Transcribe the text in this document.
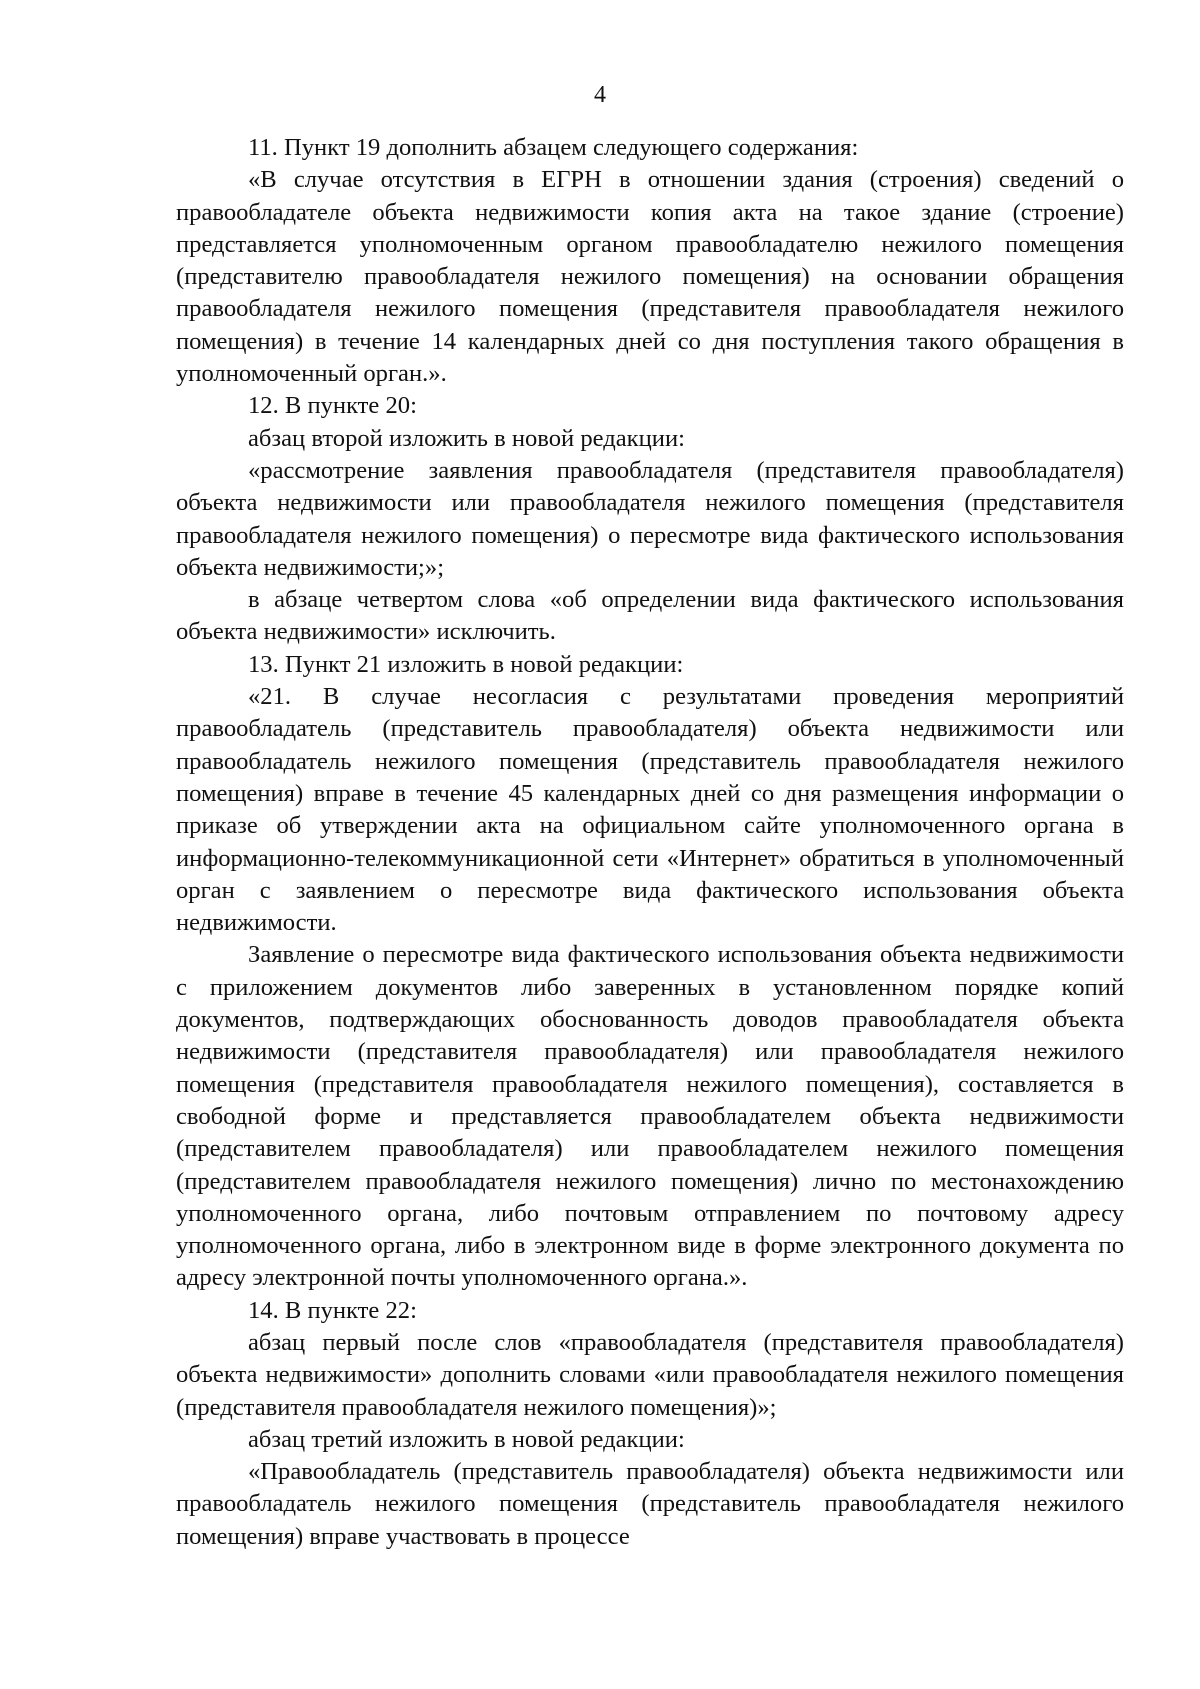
4

11. Пункт 19 дополнить абзацем следующего содержания:

«В случае отсутствия в ЕГРН в отношении здания (строения) сведений о правообладателе объекта недвижимости копия акта на такое здание (строение) представляется уполномоченным органом правообладателю нежилого помещения (представителю правообладателя нежилого помещения) на основании обращения правообладателя нежилого помещения (представителя правообладателя нежилого помещения) в течение 14 календарных дней со дня поступления такого обращения в уполномоченный орган.».

12. В пункте 20:

абзац второй изложить в новой редакции:

«рассмотрение заявления правообладателя (представителя правообладателя) объекта недвижимости или правообладателя нежилого помещения (представителя правообладателя нежилого помещения) о пересмотре вида фактического использования объекта недвижимости;»;

в абзаце четвертом слова «об определении вида фактического использования объекта недвижимости» исключить.

13. Пункт 21 изложить в новой редакции:

«21. В случае несогласия с результатами проведения мероприятий правообладатель (представитель правообладателя) объекта недвижимости или правообладатель нежилого помещения (представитель правообладателя нежилого помещения) вправе в течение 45 календарных дней со дня размещения информации о приказе об утверждении акта на официальном сайте уполномоченного органа в информационно-телекоммуникационной сети «Интернет» обратиться в уполномоченный орган с заявлением о пересмотре вида фактического использования объекта недвижимости.

Заявление о пересмотре вида фактического использования объекта недвижимости с приложением документов либо заверенных в установленном порядке копий документов, подтверждающих обоснованность доводов правообладателя объекта недвижимости (представителя правообладателя) или правообладателя нежилого помещения (представителя правообладателя нежилого помещения), составляется в свободной форме и представляется правообладателем объекта недвижимости (представителем правообладателя) или правообладателем нежилого помещения (представителем правообладателя нежилого помещения) лично по местонахождению уполномоченного органа, либо почтовым отправлением по почтовому адресу уполномоченного органа, либо в электронном виде в форме электронного документа по адресу электронной почты уполномоченного органа.».

14. В пункте 22:

абзац первый после слов «правообладателя (представителя правообладателя) объекта недвижимости» дополнить словами «или правообладателя нежилого помещения (представителя правообладателя нежилого помещения)»;

абзац третий изложить в новой редакции:

«Правообладатель (представитель правообладателя) объекта недвижимости или правообладатель нежилого помещения (представитель правообладателя нежилого помещения) вправе участвовать в процессе
